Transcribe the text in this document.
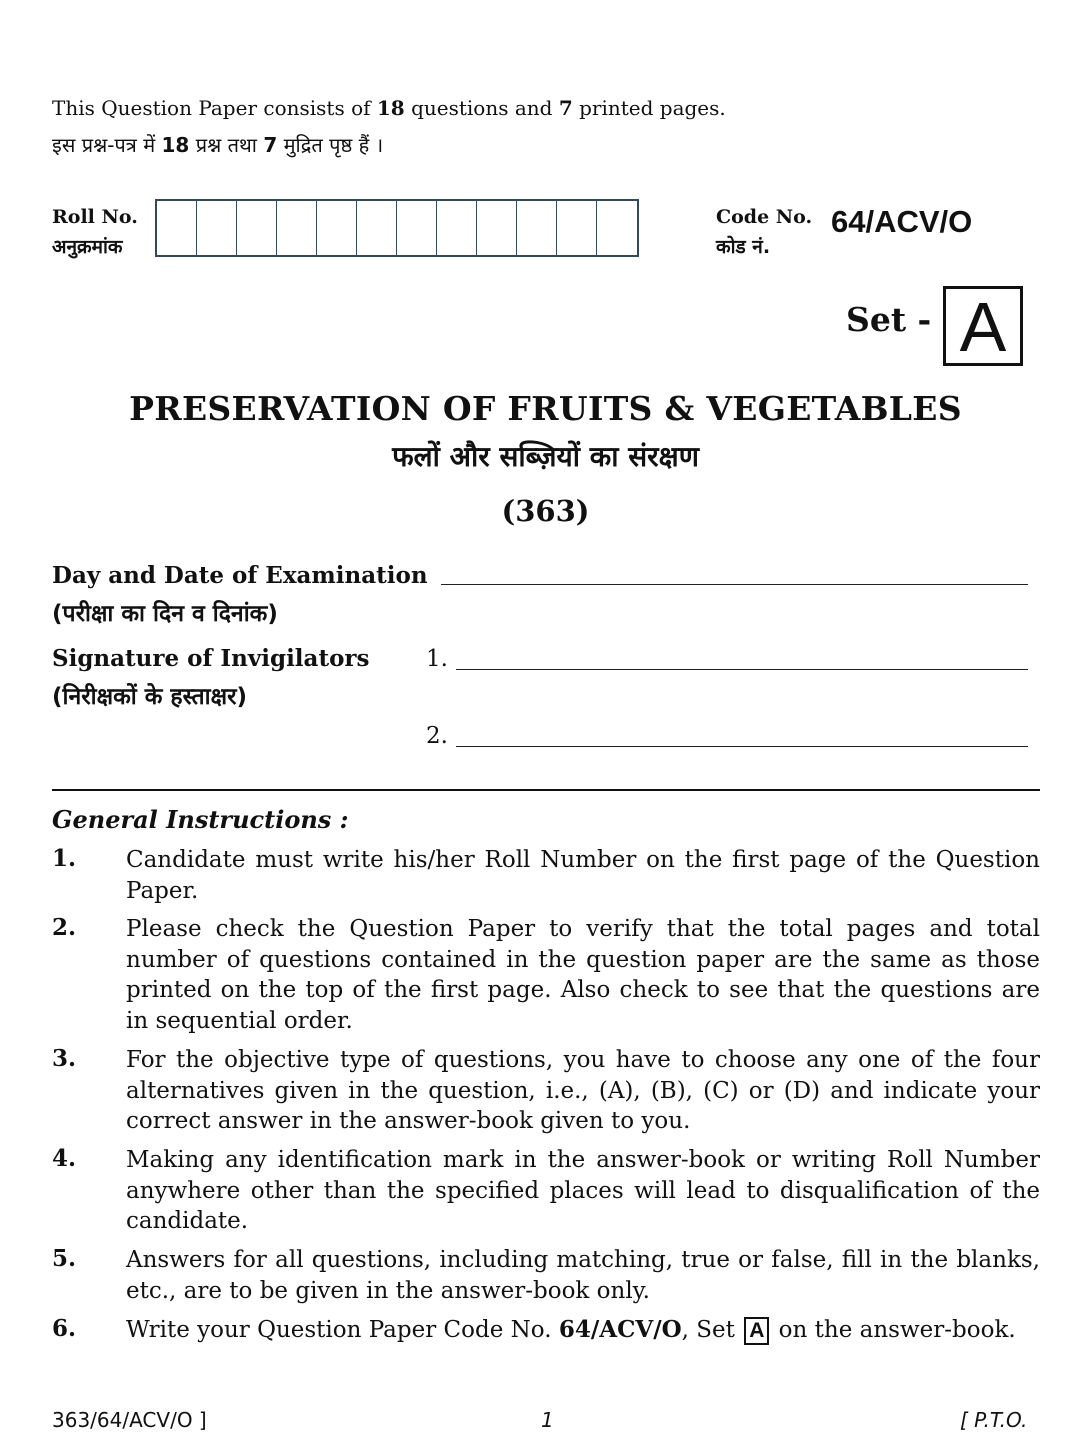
This Question Paper consists of 18 questions and 7 printed pages.
इस प्रश्न-पत्र में 18 प्रश्न तथा 7 मुद्रित पृष्ठ हैं ।
Roll No.
अनुक्रमांक
Code No.
कोड नं.
64/ACV/O
Set - A
PRESERVATION OF FRUITS & VEGETABLES
फलों और सब्ज़ियों का संरक्षण
(363)
Day and Date of Examination
(परीक्षा का दिन व दिनांक)
Signature of Invigilators
(निरीक्षकों के हस्ताक्षर)
1.
2.
General Instructions :
1. Candidate must write his/her Roll Number on the first page of the Question Paper.
2. Please check the Question Paper to verify that the total pages and total number of questions contained in the question paper are the same as those printed on the top of the first page. Also check to see that the questions are in sequential order.
3. For the objective type of questions, you have to choose any one of the four alternatives given in the question, i.e., (A), (B), (C) or (D) and indicate your correct answer in the answer-book given to you.
4. Making any identification mark in the answer-book or writing Roll Number anywhere other than the specified places will lead to disqualification of the candidate.
5. Answers for all questions, including matching, true or false, fill in the blanks, etc., are to be given in the answer-book only.
6. Write your Question Paper Code No. 64/ACV/O, Set A on the answer-book.
363/64/ACV/O ]	1	[ P.T.O.
